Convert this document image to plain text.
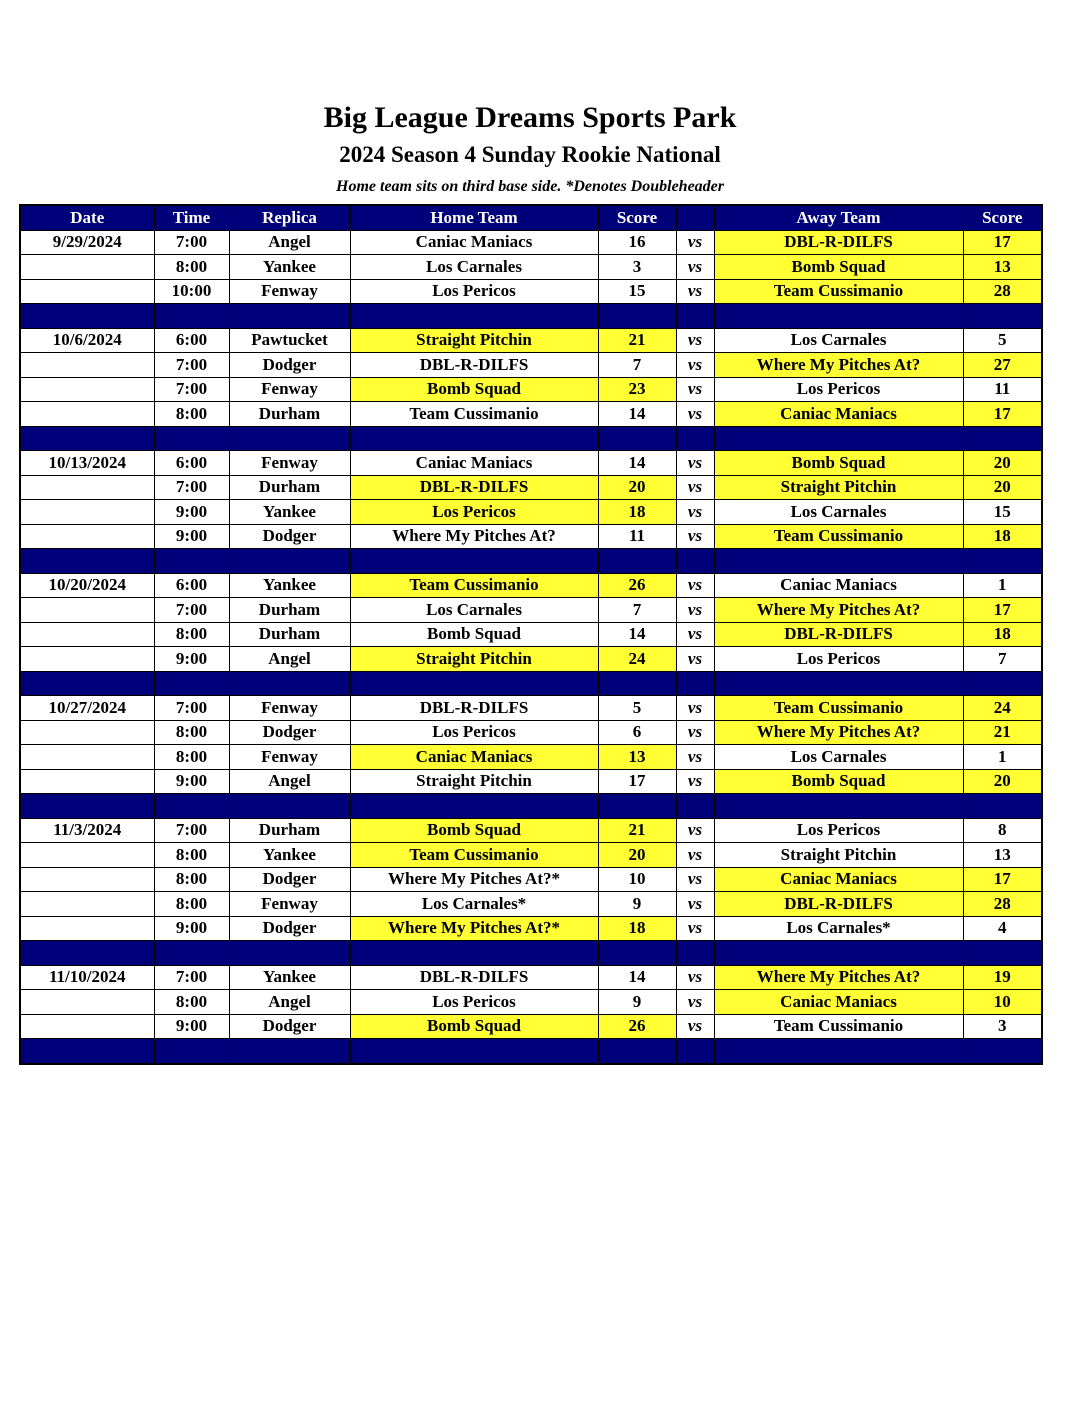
Big League Dreams Sports Park
2024 Season 4 Sunday Rookie National
Home team sits on third base side. *Denotes Doubleheader
Date	Time	Replica	Home Team	Score		Away Team	Score
9/29/2024	7:00	Angel	Caniac Maniacs	16	vs	DBL-R-DILFS	17
	8:00	Yankee	Los Carnales	3	vs	Bomb Squad	13
	10:00	Fenway	Los Pericos	15	vs	Team Cussimanio	28

10/6/2024	6:00	Pawtucket	Straight Pitchin	21	vs	Los Carnales	5
	7:00	Dodger	DBL-R-DILFS	7	vs	Where My Pitches At?	27
	7:00	Fenway	Bomb Squad	23	vs	Los Pericos	11
	8:00	Durham	Team Cussimanio	14	vs	Caniac Maniacs	17

10/13/2024	6:00	Fenway	Caniac Maniacs	14	vs	Bomb Squad	20
	7:00	Durham	DBL-R-DILFS	20	vs	Straight Pitchin	20
	9:00	Yankee	Los Pericos	18	vs	Los Carnales	15
	9:00	Dodger	Where My Pitches At?	11	vs	Team Cussimanio	18

10/20/2024	6:00	Yankee	Team Cussimanio	26	vs	Caniac Maniacs	1
	7:00	Durham	Los Carnales	7	vs	Where My Pitches At?	17
	8:00	Durham	Bomb Squad	14	vs	DBL-R-DILFS	18
	9:00	Angel	Straight Pitchin	24	vs	Los Pericos	7

10/27/2024	7:00	Fenway	DBL-R-DILFS	5	vs	Team Cussimanio	24
	8:00	Dodger	Los Pericos	6	vs	Where My Pitches At?	21
	8:00	Fenway	Caniac Maniacs	13	vs	Los Carnales	1
	9:00	Angel	Straight Pitchin	17	vs	Bomb Squad	20

11/3/2024	7:00	Durham	Bomb Squad	21	vs	Los Pericos	8
	8:00	Yankee	Team Cussimanio	20	vs	Straight Pitchin	13
	8:00	Dodger	Where My Pitches At?*	10	vs	Caniac Maniacs	17
	8:00	Fenway	Los Carnales*	9	vs	DBL-R-DILFS	28
	9:00	Dodger	Where My Pitches At?*	18	vs	Los Carnales*	4

11/10/2024	7:00	Yankee	DBL-R-DILFS	14	vs	Where My Pitches At?	19
	8:00	Angel	Los Pericos	9	vs	Caniac Maniacs	10
	9:00	Dodger	Bomb Squad	26	vs	Team Cussimanio	3
